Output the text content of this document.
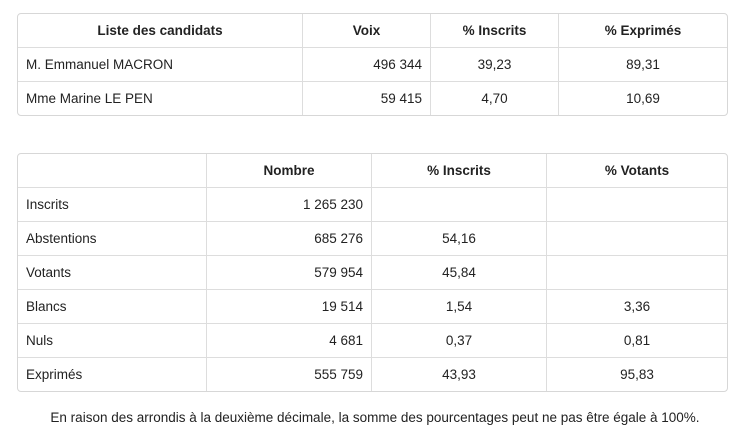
Liste des candidats	Voix	% Inscrits	% Exprimés
M. Emmanuel MACRON	496 344	39,23	89,31
Mme Marine LE PEN	59 415	4,70	10,69
	Nombre	% Inscrits	% Votants
Inscrits	1 265 230		
Abstentions	685 276	54,16	
Votants	579 954	45,84	
Blancs	19 514	1,54	3,36
Nuls	4 681	0,37	0,81
Exprimés	555 759	43,93	95,83
En raison des arrondis à la deuxième décimale, la somme des pourcentages peut ne pas être égale à 100%.
